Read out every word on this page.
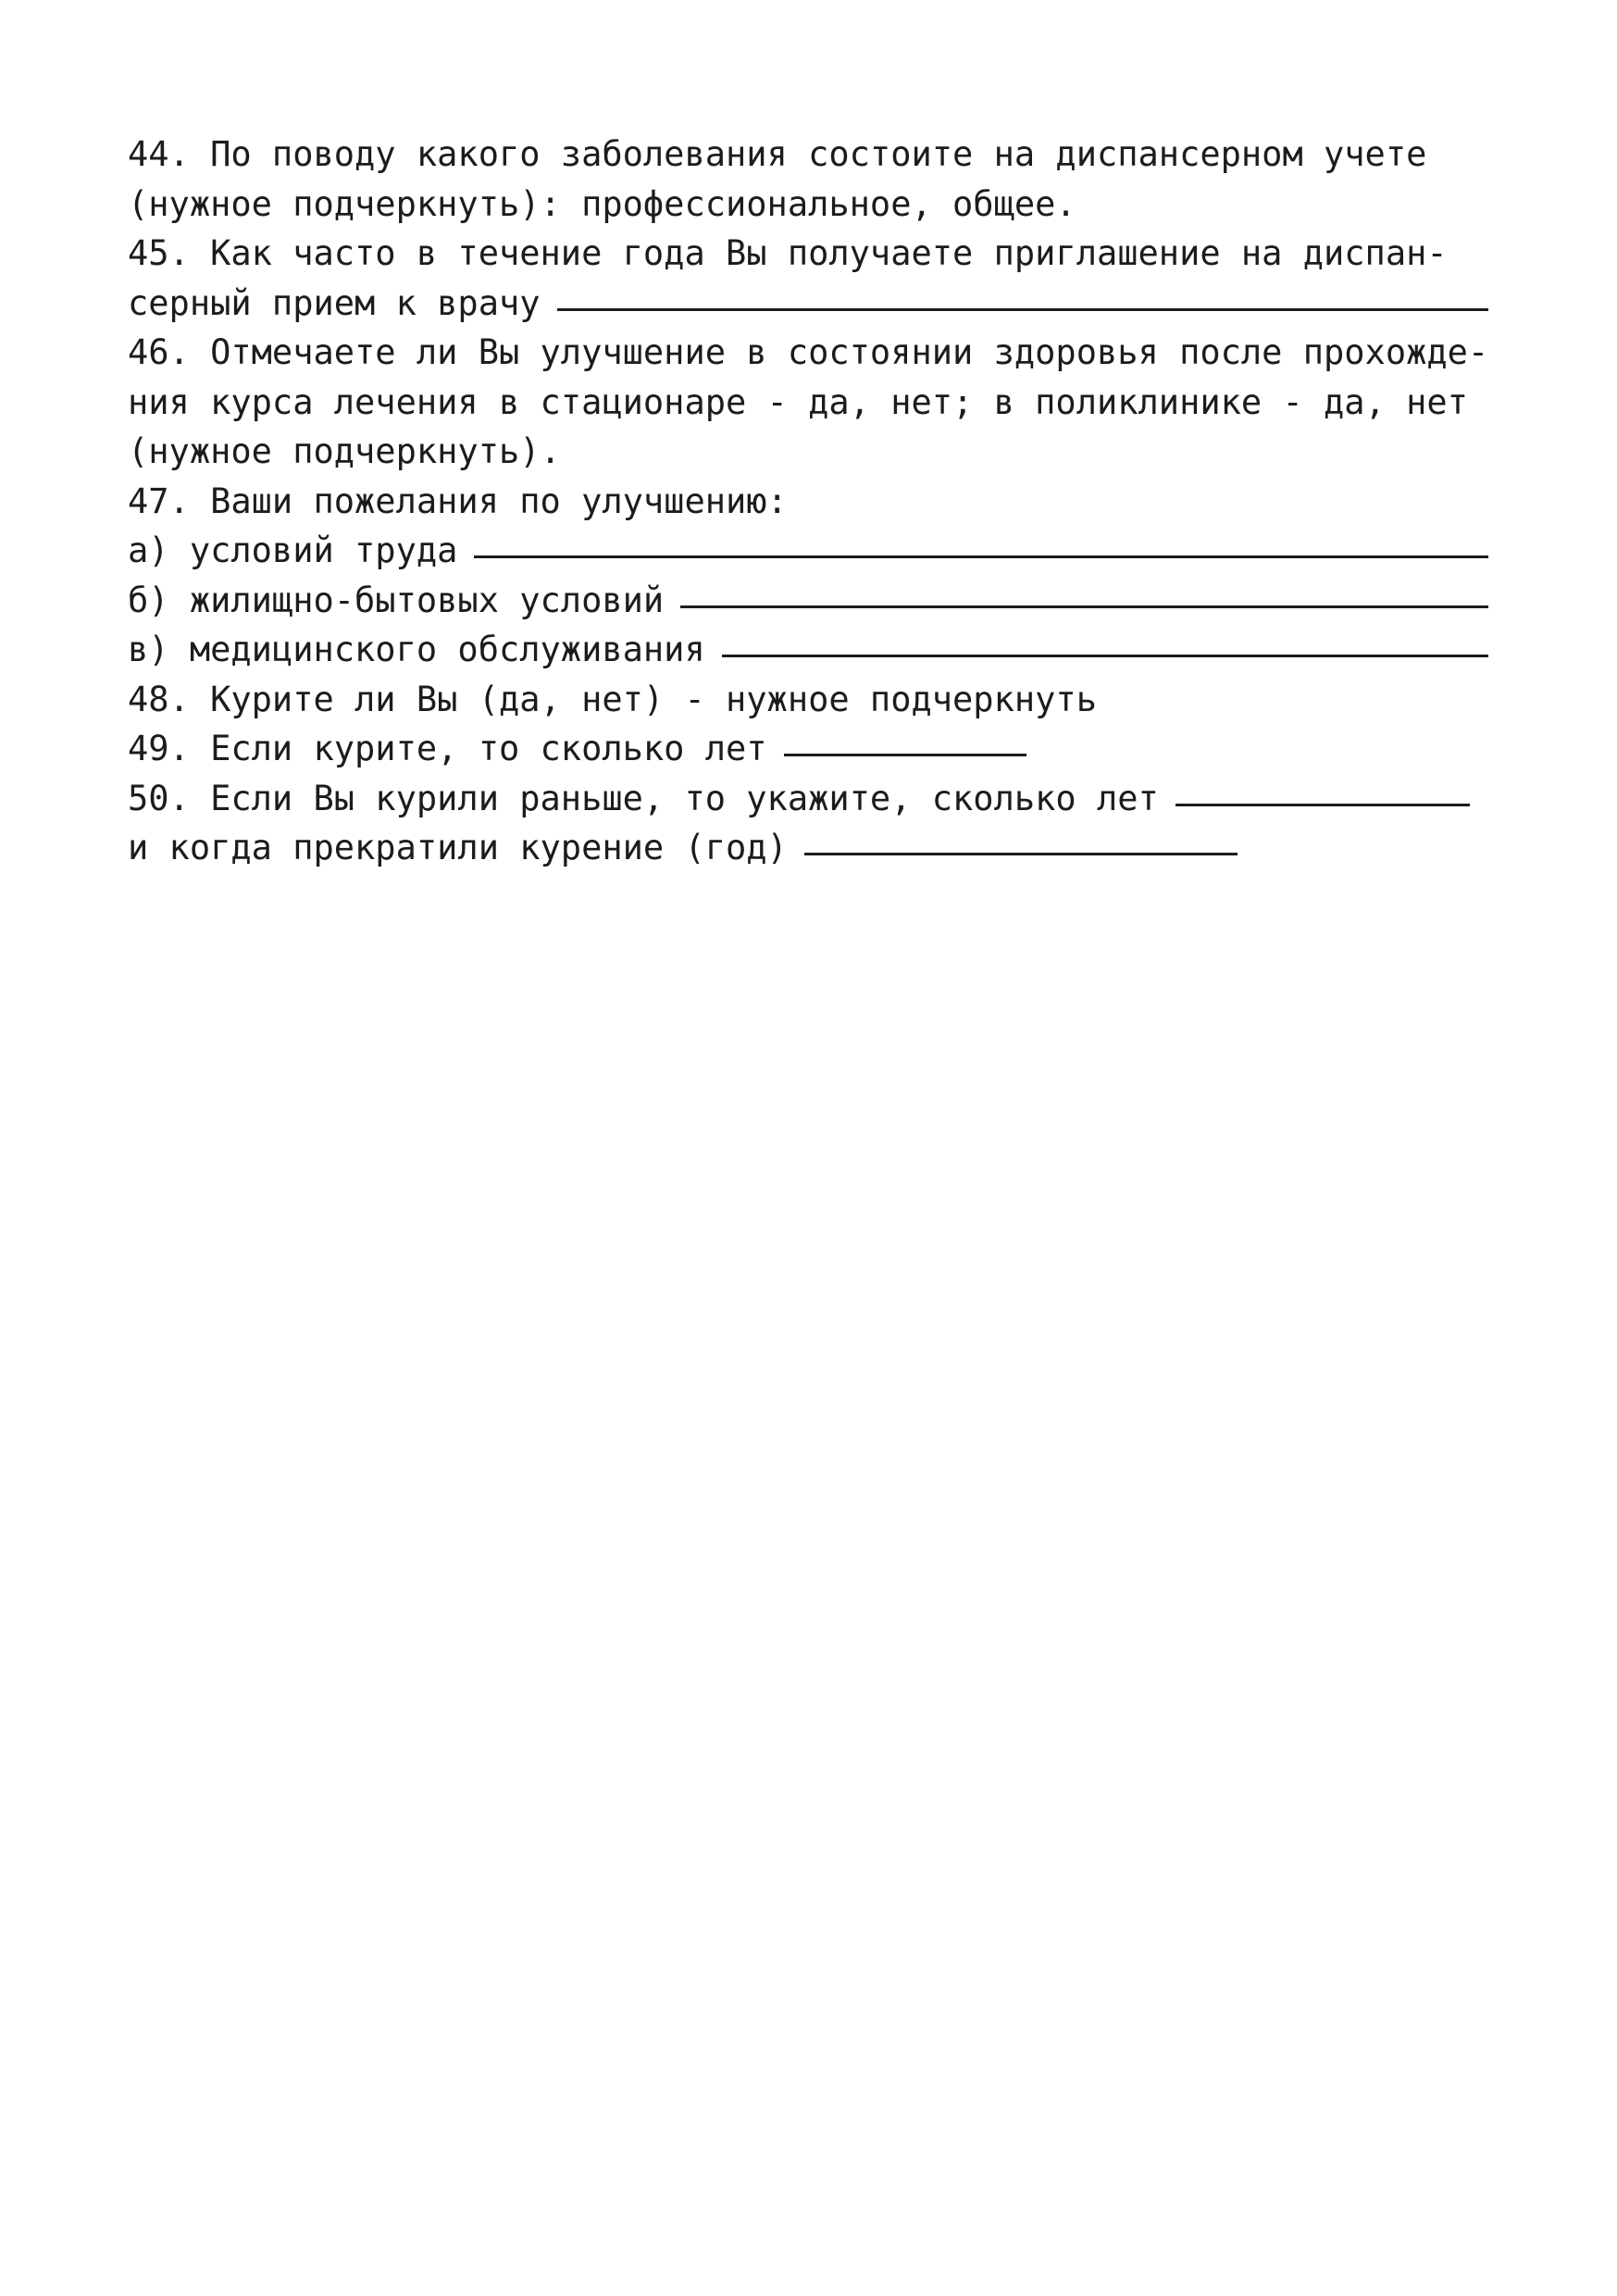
44. По поводу какого заболевания состоите на диспансерном учете
(нужное подчеркнуть): профессиональное, общее.
45. Как часто в течение года Вы получаете приглашение на диспан-
серный прием к врачу
46. Отмечаете ли Вы улучшение в состоянии здоровья после прохожде-
ния курса лечения в стационаре - да, нет; в поликлинике - да, нет
(нужное подчеркнуть).
47. Ваши пожелания по улучшению:
а) условий труда
б) жилищно-бытовых условий
в) медицинского обслуживания
48. Курите ли Вы (да, нет) - нужное подчеркнуть
49. Если курите, то сколько лет
50. Если Вы курили раньше, то укажите, сколько лет
и когда прекратили курение (год)
